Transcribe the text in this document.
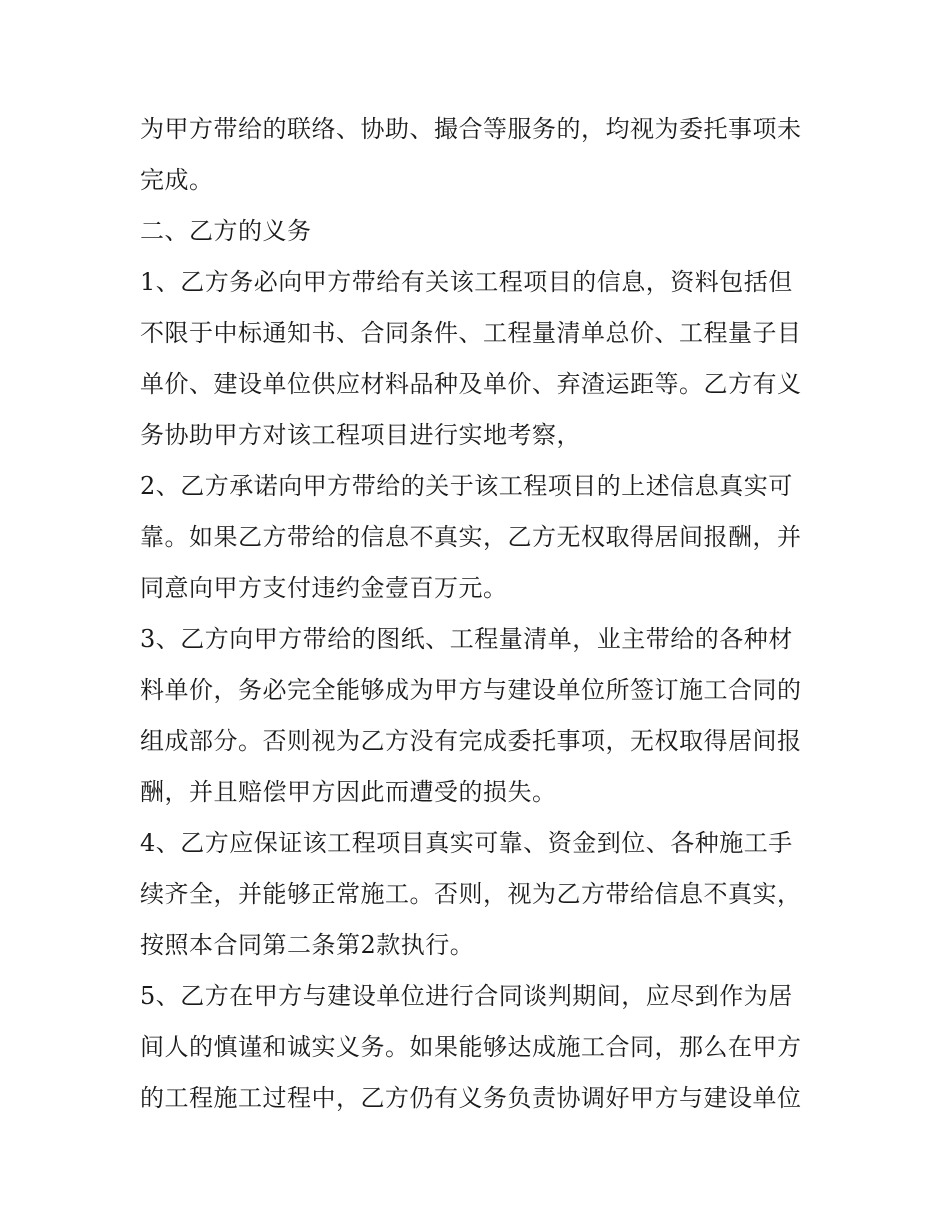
为甲方带给的联络、协助、撮合等服务的，均视为委托事项未
完成。
二、乙方的义务
1、乙方务必向甲方带给有关该工程项目的信息，资料包括但
不限于中标通知书、合同条件、工程量清单总价、工程量子目
单价、建设单位供应材料品种及单价、弃渣运距等。乙方有义
务协助甲方对该工程项目进行实地考察，
2、乙方承诺向甲方带给的关于该工程项目的上述信息真实可
靠。如果乙方带给的信息不真实，乙方无权取得居间报酬，并
同意向甲方支付违约金壹百万元。
3、乙方向甲方带给的图纸、工程量清单，业主带给的各种材
料单价，务必完全能够成为甲方与建设单位所签订施工合同的
组成部分。否则视为乙方没有完成委托事项，无权取得居间报
酬，并且赔偿甲方因此而遭受的损失。
4、乙方应保证该工程项目真实可靠、资金到位、各种施工手
续齐全，并能够正常施工。否则，视为乙方带给信息不真实，
按照本合同第二条第2款执行。
5、乙方在甲方与建设单位进行合同谈判期间，应尽到作为居
间人的慎谨和诚实义务。如果能够达成施工合同，那么在甲方
的工程施工过程中，乙方仍有义务负责协调好甲方与建设单位
